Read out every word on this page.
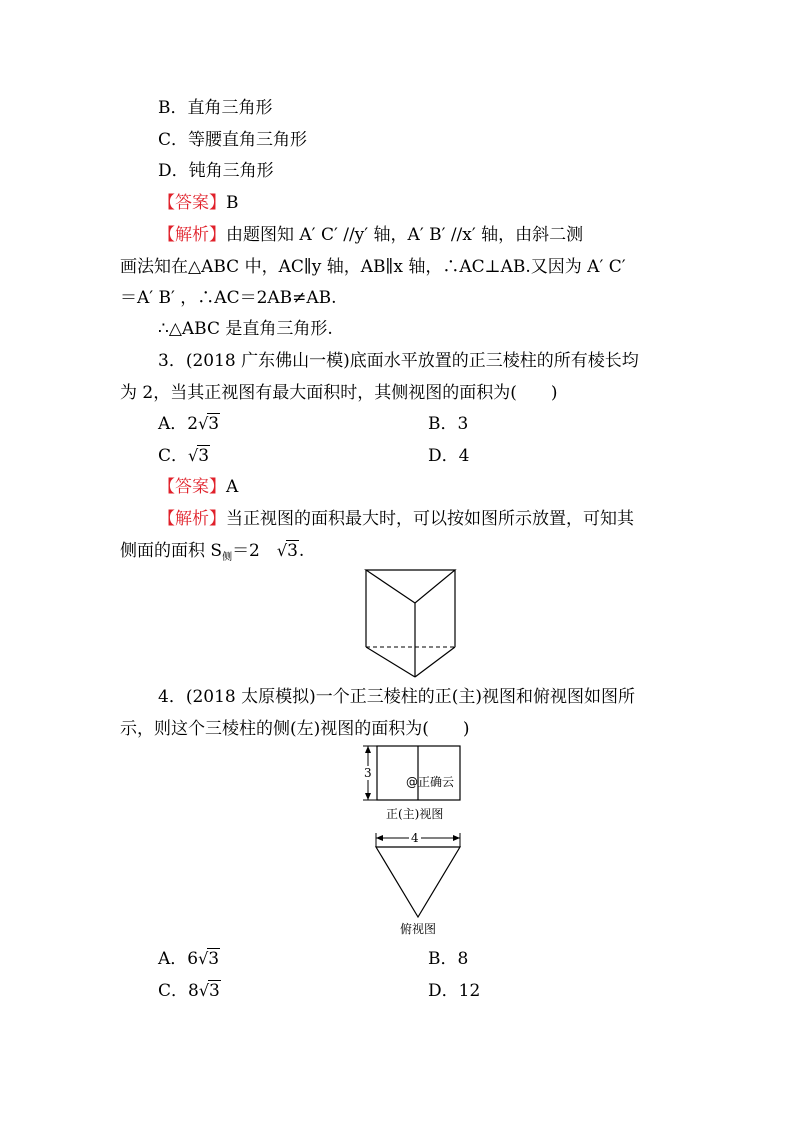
B．直角三角形
C．等腰直角三角形
D．钝角三角形
【答案】B
【解析】由题图知 A′ C′ //y′ 轴，A′ B′ //x′ 轴，由斜二测
画法知在△ABC 中，AC∥y 轴，AB∥x 轴，∴AC⊥AB.又因为 A′ C′
＝A′ B′ ，∴AC＝2AB≠AB.
∴△ABC 是直角三角形.
3．(2018 广东佛山一模)底面水平放置的正三棱柱的所有棱长均
为 2，当其正视图有最大面积时，其侧视图的面积为(　　)
A．2√3	B．3
C．√3	D．4
【答案】A
【解析】当正视图的面积最大时，可以按如图所示放置，可知其
侧面的面积 $S_侧=2$　√3.
4．(2018 太原模拟)一个正三棱柱的正(主)视图和俯视图如图所
示，则这个三棱柱的侧(左)视图的面积为(　　)
3
@正确云
正(主)视图
4
俯视图
A．6√3	B．8
C．8√3	D．12
